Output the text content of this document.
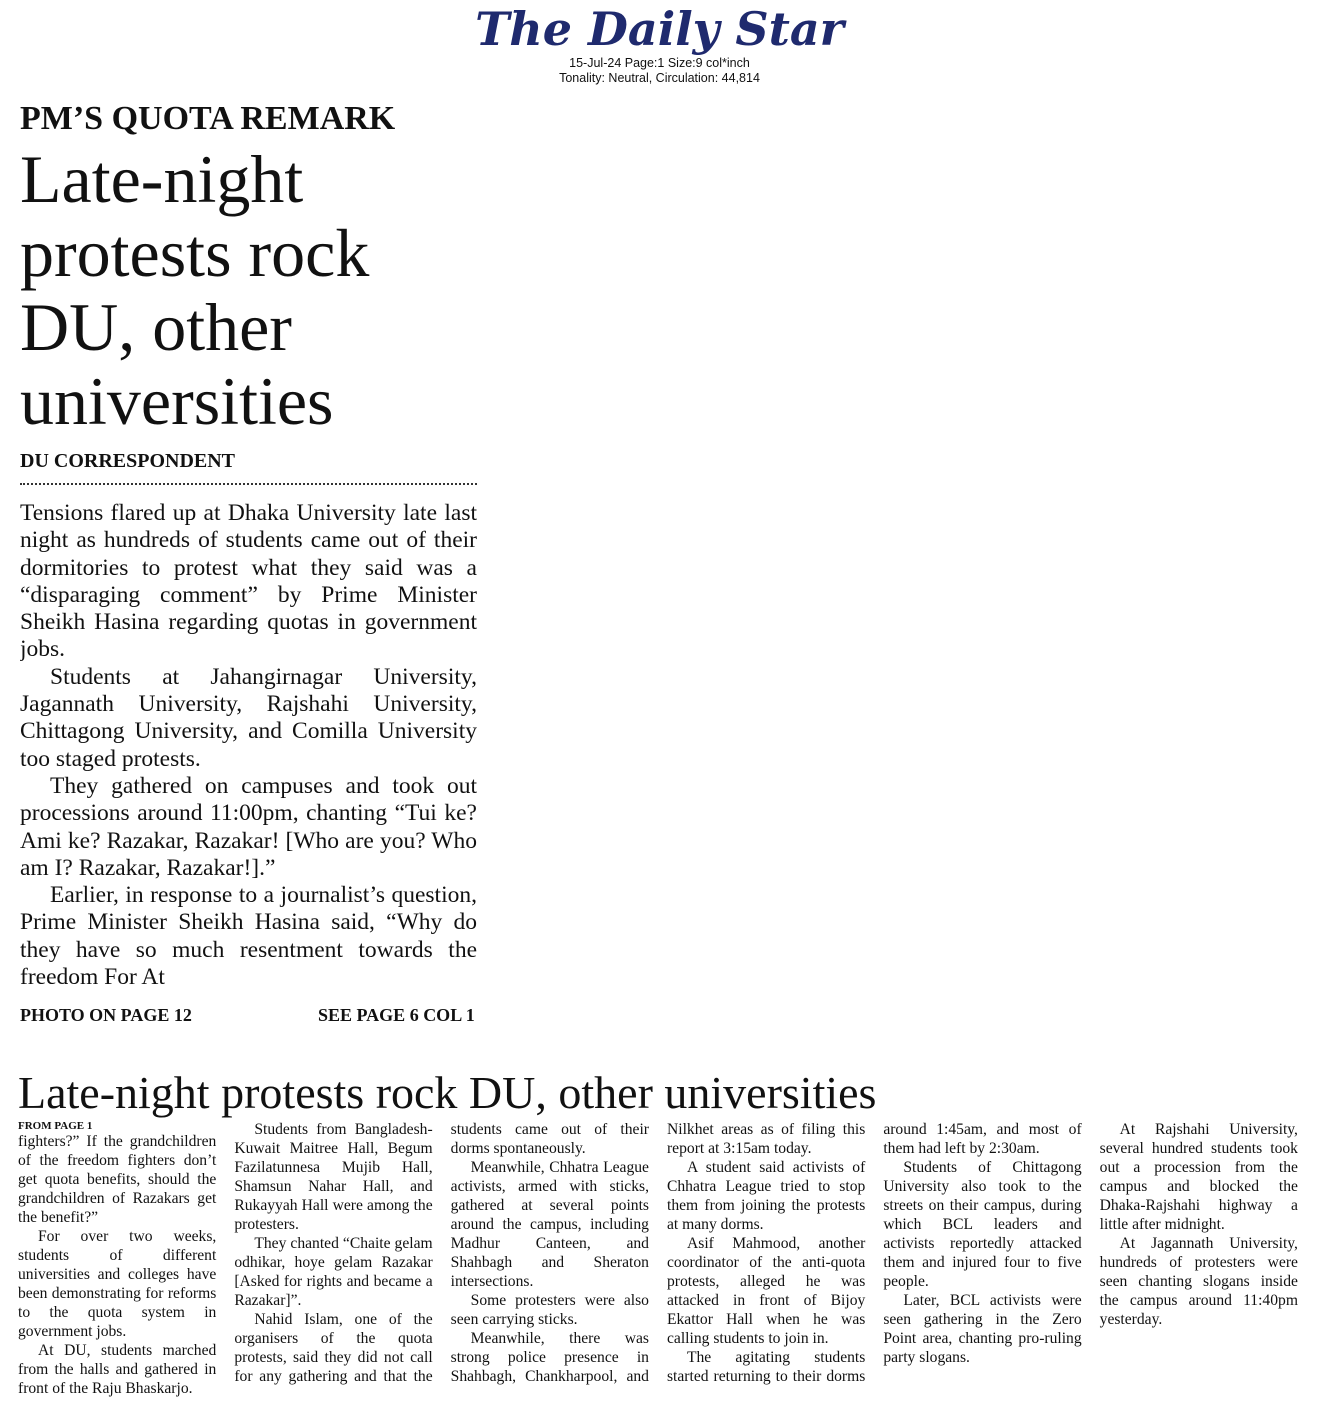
The Daily Star
15-Jul-24 Page:1 Size:9 col*inch
Tonality: Neutral, Circulation: 44,814
PM’S QUOTA REMARK
Late-night protests rock DU, other universities
DU CORRESPONDENT

Tensions flared up at Dhaka University late last night as hundreds of students came out of their dormitories to protest what they said was a “disparaging comment” by Prime Minister Sheikh Hasina regarding quotas in government jobs.

Students at Jahangirnagar University, Jagannath University, Rajshahi University, Chittagong University, and Comilla University too staged protests.

They gathered on campuses and took out processions around 11:00pm, chanting “Tui ke? Ami ke? Razakar, Razakar! [Who are you? Who am I? Razakar, Razakar!].”

Earlier, in response to a journalist’s question, Prime Minister Sheikh Hasina said, “Why do they have so much resentment towards the freedom For At

PHOTO ON PAGE 12	SEE PAGE 6 COL 1
Late-night protests rock DU, other universities
FROM PAGE 1

fighters?” If the grandchildren of the freedom fighters don’t get quota benefits, should the grandchildren of Razakars get the benefit?”

For over two weeks, students of different universities and colleges have been demonstrating for reforms to the quota system in government jobs.

At DU, students marched from the halls and gathered in front of the Raju Bhaskarjo.

Students from Bangladesh-Kuwait Maitree Hall, Begum Fazilatunnesa Mujib Hall, Shamsun Nahar Hall, and Rukayyah Hall were among the protesters.

They chanted “Chaite gelam odhikar, hoye gelam Razakar [Asked for rights and became a Razakar]”.

Nahid Islam, one of the organisers of the quota protests, said they did not call for any gathering and that the students came out of their dorms spontaneously.

Meanwhile, Chhatra League activists, armed with sticks, gathered at several points around the campus, including Madhur Canteen, and Shahbagh and Sheraton intersections.

Some protesters were also seen carrying sticks.

Meanwhile, there was strong police presence in Shahbagh, Chankharpool, and Nilkhet areas as of filing this report at 3:15am today.

A student said activists of Chhatra League tried to stop them from joining the protests at many dorms.

Asif Mahmood, another coordinator of the anti-quota protests, alleged he was attacked in front of Bijoy Ekattor Hall when he was calling students to join in.

The agitating students started returning to their dorms around 1:45am, and most of them had left by 2:30am.

Students of Chittagong University also took to the streets on their campus, during which BCL leaders and activists reportedly attacked them and injured four to five people.

Later, BCL activists were seen gathering in the Zero Point area, chanting pro-ruling party slogans.

At Rajshahi University, several hundred students took out a procession from the campus and blocked the Dhaka-Rajshahi highway a little after midnight.

At Jagannath University, hundreds of protesters were seen chanting slogans inside the campus around 11:40pm yesterday.
